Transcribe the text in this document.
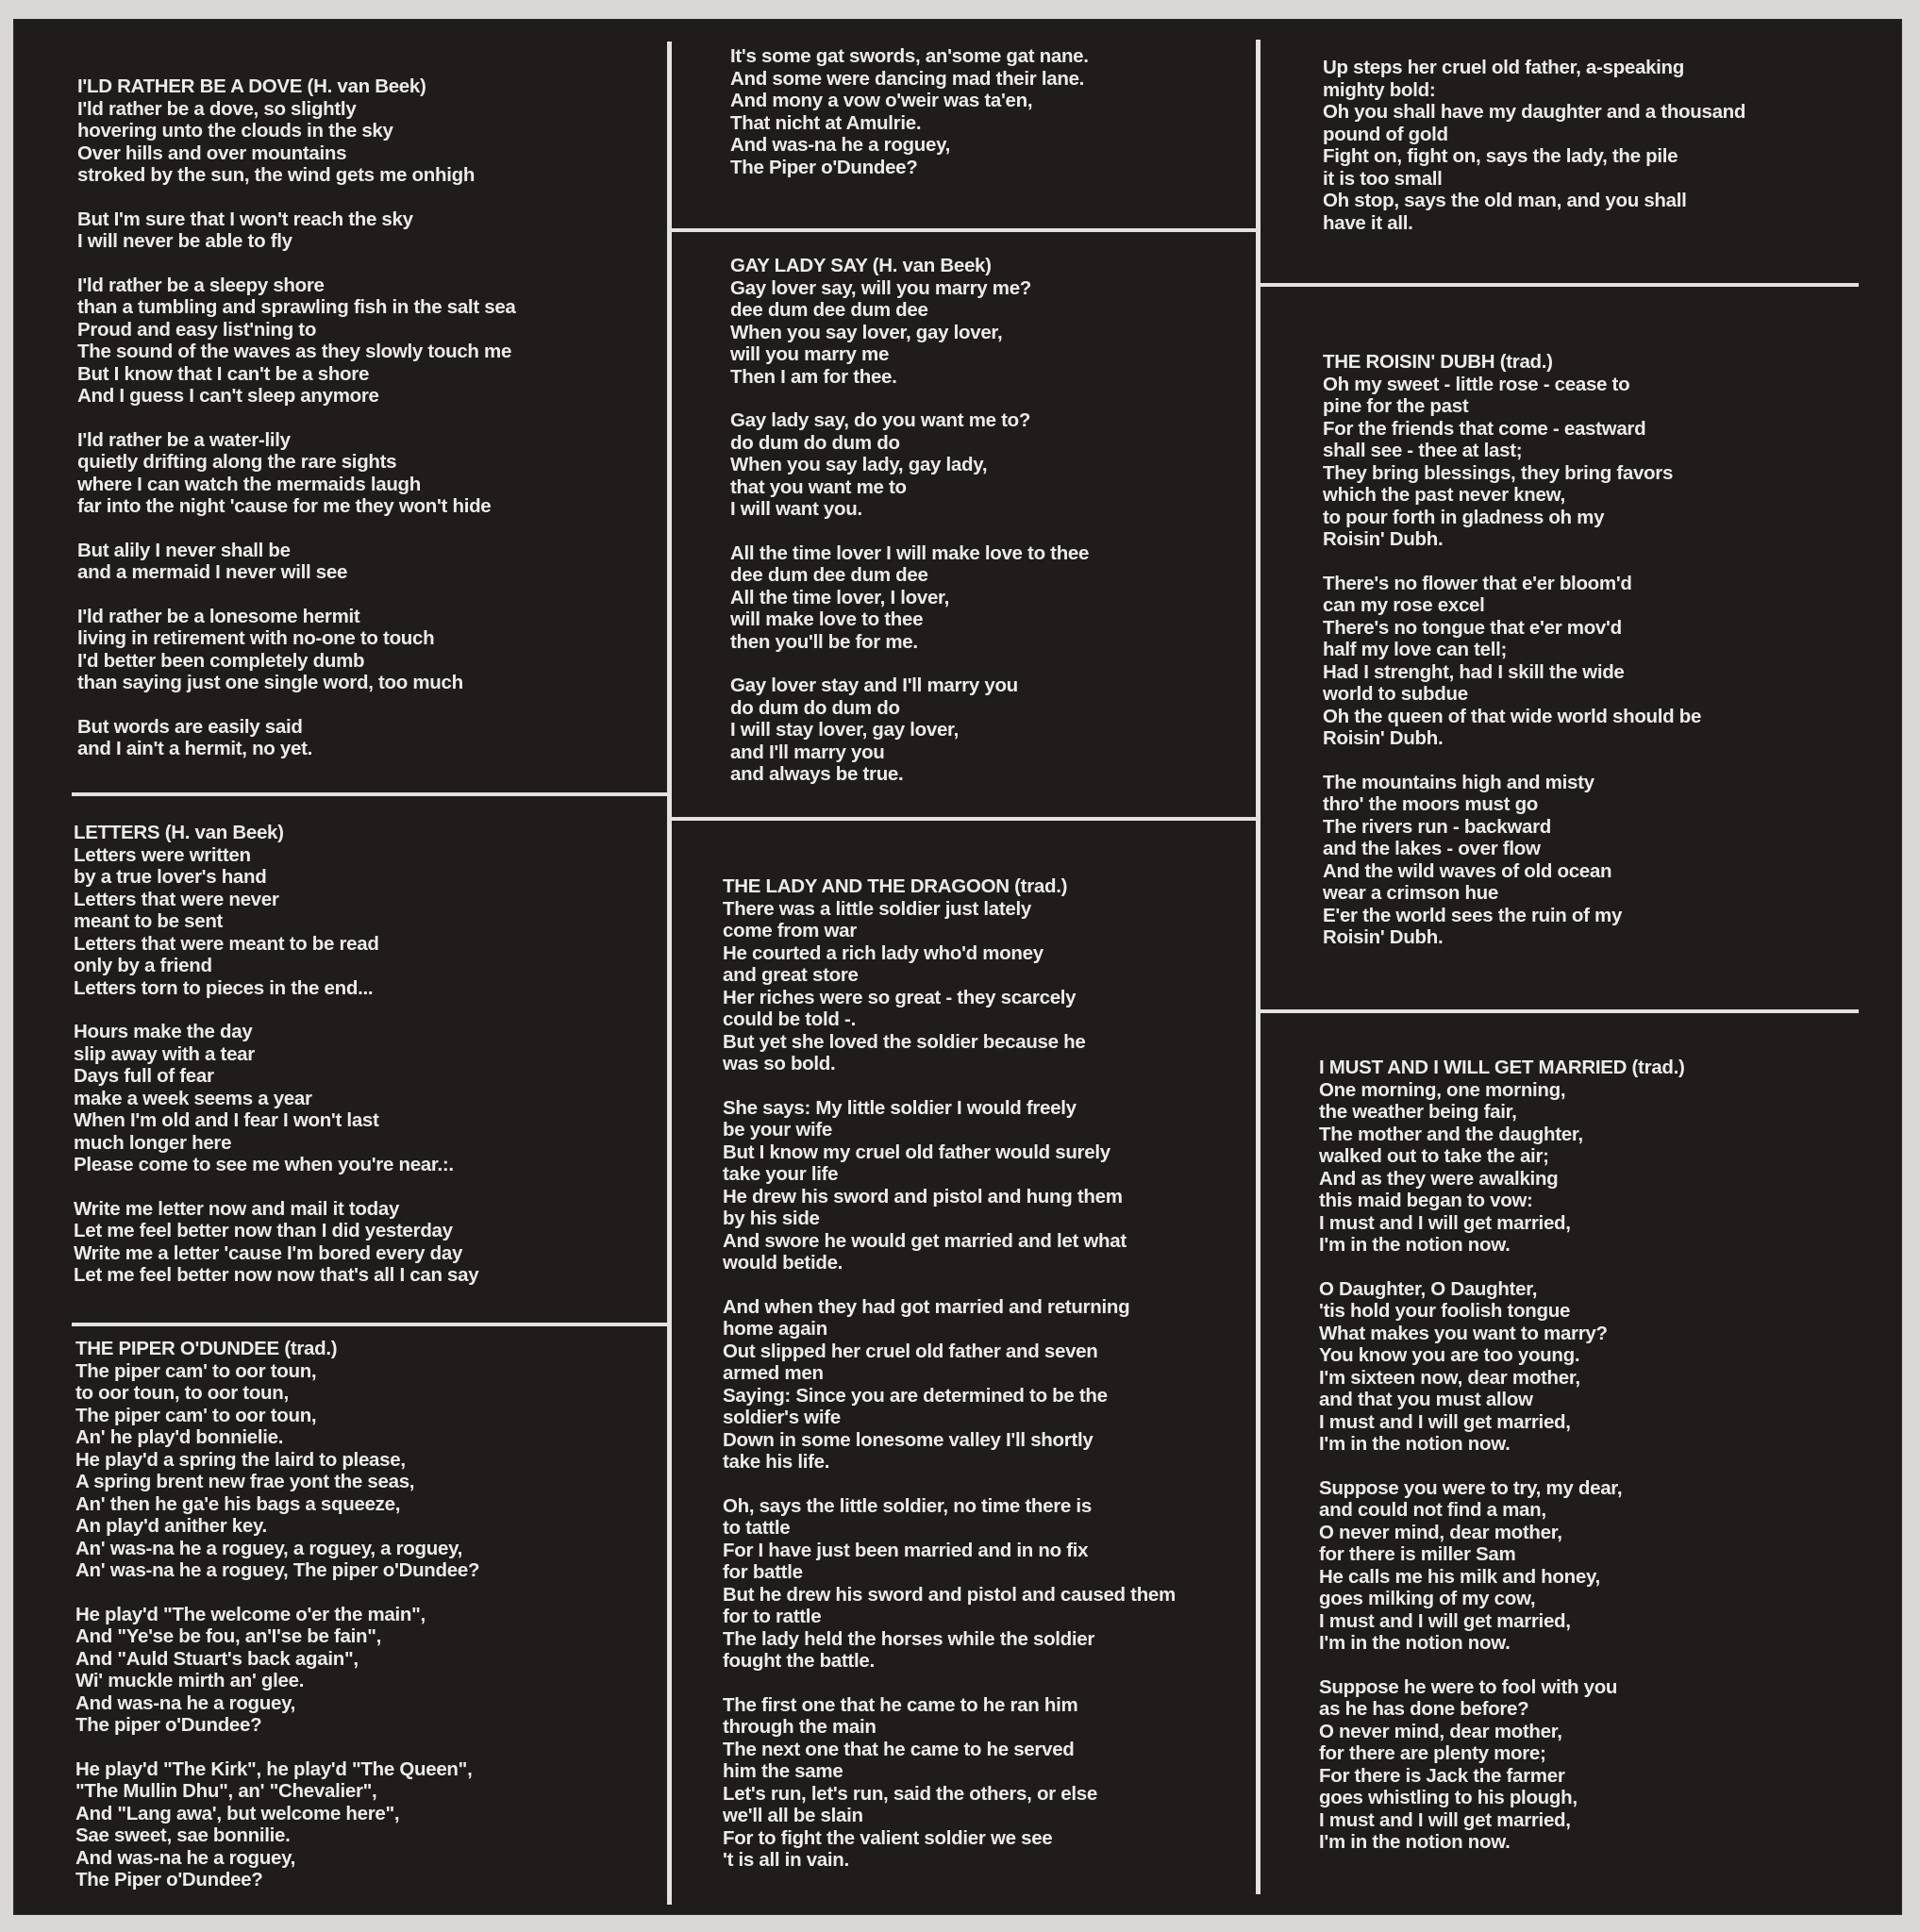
I'LD RATHER BE A DOVE (H. van Beek)
I'ld rather be a dove, so slightly
hovering unto the clouds in the sky
Over hills and over mountains
stroked by the sun, the wind gets me onhigh
But I'm sure that I won't reach the sky
I will never be able to fly
I'ld rather be a sleepy shore
than a tumbling and sprawling fish in the salt sea
Proud and easy list'ning to
The sound of the waves as they slowly touch me
But I know that I can't be a shore
And I guess I can't sleep anymore
I'ld rather be a water-lily
quietly drifting along the rare sights
where I can watch the mermaids laugh
far into the night 'cause for me they won't hide
But alily I never shall be
and a mermaid I never will see
I'ld rather be a lonesome hermit
living in retirement with no-one to touch
I'd better been completely dumb
than saying just one single word, too much
But words are easily said
and I ain't a hermit, no yet.
LETTERS (H. van Beek)
Letters were written
by a true lover's hand
Letters that were never
meant to be sent
Letters that were meant to be read
only by a friend
Letters torn to pieces in the end...
Hours make the day
slip away with a tear
Days full of fear
make a week seems a year
When I'm old and I fear I won't last
much longer here
Please come to see me when you're near.:.
Write me letter now and mail it today
Let me feel better now than I did yesterday
Write me a letter 'cause I'm bored every day
Let me feel better now now that's all I can say
THE PIPER O'DUNDEE (trad.)
The piper cam' to oor toun,
to oor toun, to oor toun,
The piper cam' to oor toun,
An' he play'd bonnielie.
He play'd a spring the laird to please,
A spring brent new frae yont the seas,
An' then he ga'e his bags a squeeze,
An play'd anither key.
An' was-na he a roguey, a roguey, a roguey,
An' was-na he a roguey, The piper o'Dundee?
He play'd "The welcome o'er the main",
And "Ye'se be fou, an'I'se be fain",
And "Auld Stuart's back again",
Wi' muckle mirth an' glee.
And was-na he a roguey,
The piper o'Dundee?
He play'd "The Kirk", he play'd "The Queen",
"The Mullin Dhu", an' "Chevalier",
And "Lang awa', but welcome here",
Sae sweet, sae bonnilie.
And was-na he a roguey,
The Piper o'Dundee?
It's some gat swords, an'some gat nane.
And some were dancing mad their lane.
And mony a vow o'weir was ta'en,
That nicht at Amulrie.
And was-na he a roguey,
The Piper o'Dundee?
GAY LADY SAY (H. van Beek)
Gay lover say, will you marry me?
dee dum dee dum dee
When you say lover, gay lover,
will you marry me
Then I am for thee.
Gay lady say, do you want me to?
do dum do dum do
When you say lady, gay lady,
that you want me to
I will want you.
All the time lover I will make love to thee
dee dum dee dum dee
All the time lover, I lover,
will make love to thee
then you'll be for me.
Gay lover stay and I'll marry you
do dum do dum do
I will stay lover, gay lover,
and I'll marry you
and always be true.
THE LADY AND THE DRAGOON (trad.)
There was a little soldier just lately
come from war
He courted a rich lady who'd money
and great store
Her riches were so great - they scarcely
could be told -.
But yet she loved the soldier because he
was so bold.
She says: My little soldier I would freely
be your wife
But I know my cruel old father would surely
take your life
He drew his sword and pistol and hung them
by his side
And swore he would get married and let what
would betide.
And when they had got married and returning
home again
Out slipped her cruel old father and seven
armed men
Saying: Since you are determined to be the
soldier's wife
Down in some lonesome valley I'll shortly
take his life.
Oh, says the little soldier, no time there is
to tattle
For I have just been married and in no fix
for battle
But he drew his sword and pistol and caused them
for to rattle
The lady held the horses while the soldier
fought the battle.
The first one that he came to he ran him
through the main
The next one that he came to he served
him the same
Let's run, let's run, said the others, or else
we'll all be slain
For to fight the valient soldier we see
't is all in vain.
Up steps her cruel old father, a-speaking
mighty bold:
Oh you shall have my daughter and a thousand
pound of gold
Fight on, fight on, says the lady, the pile
it is too small
Oh stop, says the old man, and you shall
have it all.
THE ROISIN' DUBH (trad.)
Oh my sweet - little rose - cease to
pine for the past
For the friends that come - eastward
shall see - thee at last;
They bring blessings, they bring favors
which the past never knew,
to pour forth in gladness oh my
Roisin' Dubh.
There's no flower that e'er bloom'd
can my rose excel
There's no tongue that e'er mov'd
half my love can tell;
Had I strenght, had I skill the wide
world to subdue
Oh the queen of that wide world should be
Roisin' Dubh.
The mountains high and misty
thro' the moors must go
The rivers run - backward
and the lakes - over flow
And the wild waves of old ocean
wear a crimson hue
E'er the world sees the ruin of my
Roisin' Dubh.
I MUST AND I WILL GET MARRIED (trad.)
One morning, one morning,
the weather being fair,
The mother and the daughter,
walked out to take the air;
And as they were awalking
this maid began to vow:
I must and I will get married,
I'm in the notion now.
O Daughter, O Daughter,
'tis hold your foolish tongue
What makes you want to marry?
You know you are too young.
I'm sixteen now, dear mother,
and that you must allow
I must and I will get married,
I'm in the notion now.
Suppose you were to try, my dear,
and could not find a man,
O never mind, dear mother,
for there is miller Sam
He calls me his milk and honey,
goes milking of my cow,
I must and I will get married,
I'm in the notion now.
Suppose he were to fool with you
as he has done before?
O never mind, dear mother,
for there are plenty more;
For there is Jack the farmer
goes whistling to his plough,
I must and I will get married,
I'm in the notion now.
